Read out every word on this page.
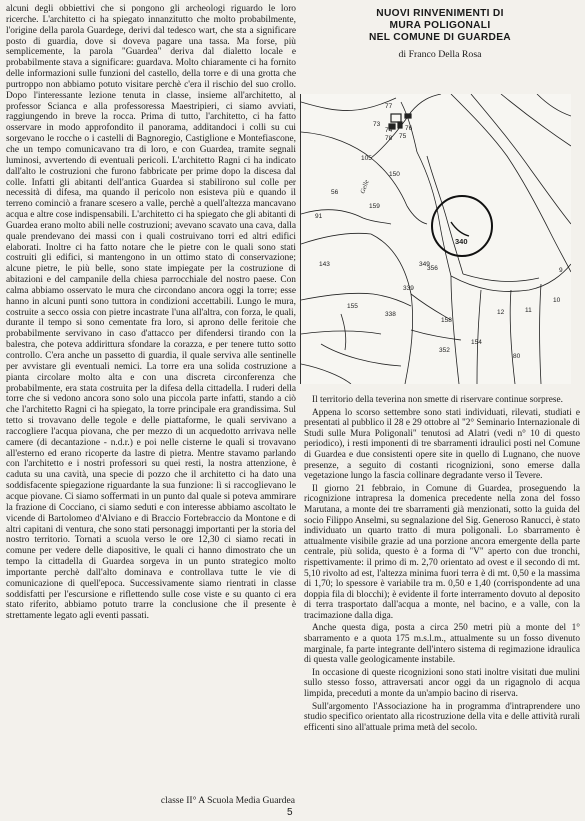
alcuni degli obbiettivi che si pongono gli archeologi riguardo le loro ricerche. L'architetto ci ha spiegato innanzitutto che molto probabilmente, l'origine della parola Guardege, derivi dal tedesco wart, che sta a significare posto di guardia, dove si doveva pagare una tassa. Ma forse, più semplicemente, la parola "Guardea" deriva dal dialetto locale e probabilmente stava a significare: guardava. Molto chiaramente ci ha fornito delle informazioni sulle funzioni del castello, della torre e di una grotta che purtroppo non abbiamo potuto visitare perchè c'era il rischio del suo crollo. Dopo l'interessante lezione tenuta in classe, insieme all'architetto, al professor Scianca e alla professoressa Maestripieri, ci siamo avviati, raggiungendo in breve la rocca. Prima di tutto, l'architetto, ci ha fatto osservare in modo approfondito il panorama, additandoci i colli su cui sorgevano le rocche o i castelli di Bagnoregio, Castiglione e Montefiascone, che un tempo comunicavano tra di loro, e con Guardea, tramite segnali luminosi, avvertendo di eventuali pericoli. L'architetto Ragni ci ha indicato dall'alto le costruzioni che furono fabbricate per prime dopo la discesa dal colle. Infatti gli abitanti dell'antica Guardea si stabilirono sul colle per necessità di difesa, ma quando il pericolo non esisteva più e quando il terreno cominciò a franare scesero a valle, perchè a quell'altezza mancavano acqua e altre cose indispensabili. L'architetto ci ha spiegato che gli abitanti di Guardea erano molto abili nelle costruzioni; avevano scavato una cava, dalla quale prendevano dei massi con i quali costruivano torri ed altri edifici elaborati. Inoltre ci ha fatto notare che le pietre con le quali sono stati costruiti gli edifici, si mantengono in un ottimo stato di conservazione; alcune pietre, le più belle, sono state impiegate per la costruzione di abitazioni e del campanile della chiesa parrocchiale del nostro paese. Con calma abbiamo osservato le mura che circondano ancora oggi la torre; esse hanno in alcuni punti sono tuttora in condizioni accettabili. Lungo le mura, costruite a secco ossia con pietre incastrate l'una all'altra, con forza, le quali, durante il tempo si sono cementate fra loro, si aprono delle feritoie che probabilmente servivano in caso d'attacco per difendersi tirando con la balestra, che poteva addirittura sfondare la corazza, e per tenere tutto sotto controllo. C'era anche un passetto di guardia, il quale serviva alle sentinelle per avvistare gli eventuali nemici. La torre era una solida costruzione a pianta circolare molto alta e con una discreta circonferenza che probabilmente, era stata costruita per la difesa della cittadella. I ruderi della torre che si vedono ancora sono solo una piccola parte infatti, stando a ciò che l'architetto Ragni ci ha spiegato, la torre principale era grandissima. Sul tetto si trovavano delle tegole e delle piattaforme, le quali servivano a raccogliere l'acqua piovana, che per mezzo di un acquedotto arrivava nelle camere (di decantazione - n.d.r.) e poi nelle cisterne le quali si trovavano all'esterno ed erano ricoperte da lastre di pietra. Mentre stavamo parlando con l'architetto e i nostri professori su quei resti, la nostra attenzione, è caduta su una cavità, una specie di pozzo che il architetto ci ha dato una soddisfacente spiegazione riguardante la sua funzione: lì si raccoglievano le acque piovane. Ci siamo soffermati in un punto dal quale si poteva ammirare la frazione di Cocciano, ci siamo seduti e con interesse abbiamo ascoltato le vicende di Bartolomeo d'Alviano e di Braccio Fortebraccio da Montone e di altri capitani di ventura, che sono stati personaggi importanti per la storia del nostro territorio. Tornati a scuola verso le ore 12,30 ci siamo recati in comune per vedere delle diapositive, le quali ci hanno dimostrato che un tempo la cittadella di Guardea sorgeva in un punto strategico molto importante perchè dall'alto dominava e controllava tutte le vie di comunicazione di quell'epoca. Successivamente siamo rientrati in classe soddisfatti per l'escursione e riflettendo sulle cose viste e su quanto ci era stato riferito, abbiamo potuto trarre la conclusione che il presente è strettamente legato agli eventi passati.

classe II° A Scuola Media Guardea
5
NUOVI RINVENIMENTI DI
MURA POLIGONALI
NEL COMUNE DI GUARDEA
di Franco Della Rosa
77
73
74
78 75
76
105
150
56
91
159
143
340
349
339
338
356
155
158
154
80
352
12	11
10
9
Gelle

Il territorio della teverina non smette di riservare continue sorprese.

Appena lo scorso settembre sono stati individuati, rilevati, studiati e presentati al pubblico il 28 e 29 ottobre al "2° Seminario Internazionale di Studi sulle Mura Poligonali" tenutosi ad Alatri (vedi n° 10 di questo periodico), i resti imponenti di tre sbarramenti idraulici posti nel Comune di Guardea e due consistenti opere site in quello di Lugnano, che nuove presenze, a seguito di costanti ricognizioni, sono emerse dalla vegetazione lungo la fascia collinare degradante verso il Tevere.

Il giorno 21 febbraio, in Comune di Guardea, proseguendo la ricognizione intrapresa la domenica precedente nella zona del fosso Marutana, a monte dei tre sbarramenti già menzionati, sotto la guida del socio Filippo Anselmi, su segnalazione del Sig. Generoso Ranucci, è stato individuato un quarto tratto di mura poligonali. Lo sbarramento è attualmente visibile grazie ad una porzione ancora emergente della parte centrale, più solida, questo è a forma di "V" aperto con due tronchi, rispettivamente: il primo di m. 2,70 orientato ad ovest e il secondo di mt. 5,10 rivolto ad est, l'altezza minima fuori terra è di mt. 0,50 e la massima di 1,70; lo spessore è variabile tra m. 0,50 e 1,40 (corrispondente ad una doppia fila di blocchi); è evidente il forte interramento dovuto al deposito di terra trasportato dall'acqua a monte, nel bacino, e a valle, con la tracimazione dalla diga.

Anche questa diga, posta a circa 250 metri più a monte del 1° sbarramento e a quota 175 m.s.l.m., attualmente su un fosso divenuto marginale, fa parte integrante dell'intero sistema di regimazione idraulica di questa valle geologicamente instabile.

In occasione di queste ricognizioni sono stati inoltre visitati due mulini sullo stesso fosso, attraversati ancor oggi da un rigagnolo di acqua limpida, preceduti a monte da un'ampio bacino di riserva.

Sull'argomento l'Associazione ha in programma d'intraprendere uno studio specifico orientato alla ricostruzione della vita e delle attività rurali efficenti sino all'attuale prima metà del secolo.
